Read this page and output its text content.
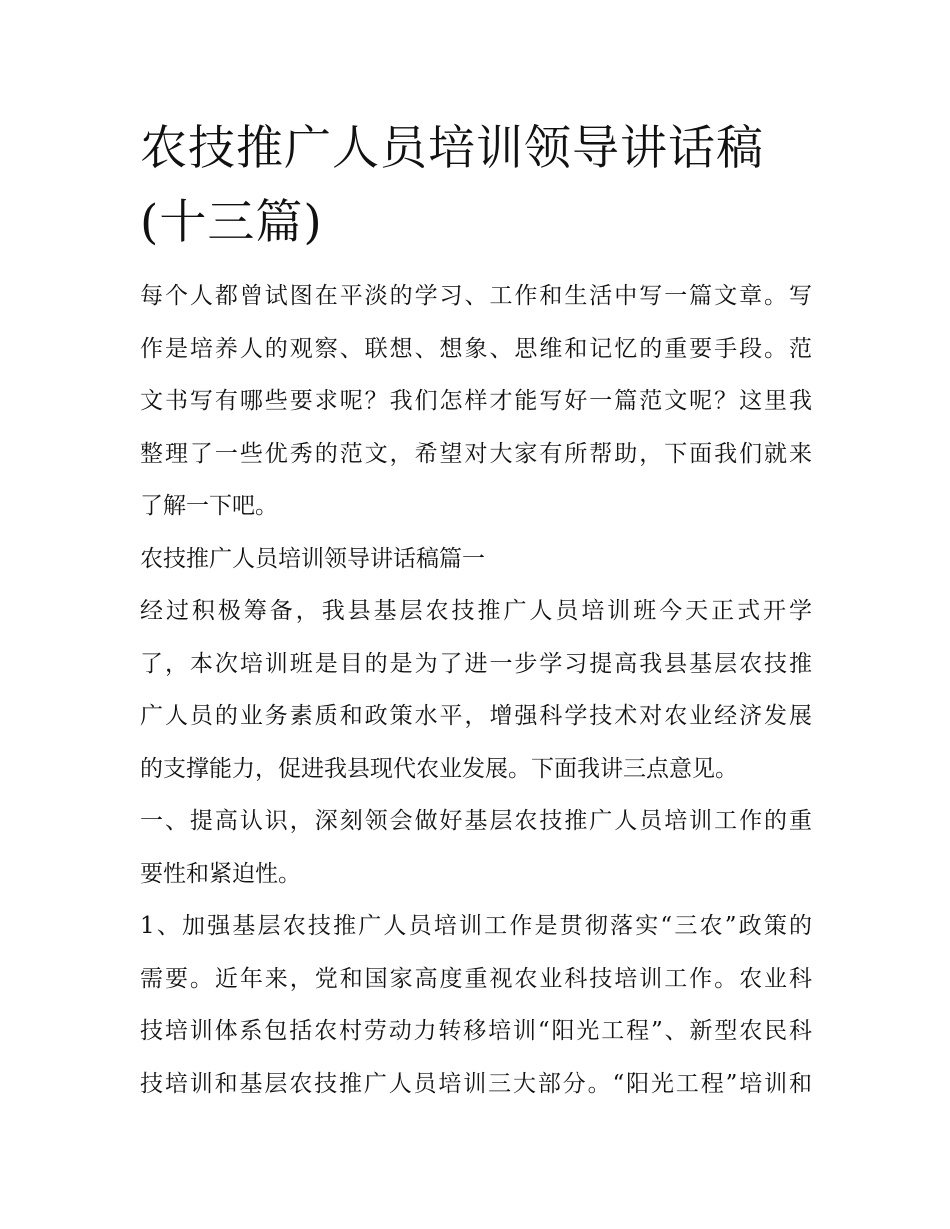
农技推广人员培训领导讲话稿
(十三篇)
每个人都曾试图在平淡的学习、工作和生活中写一篇文章。写
作是培养人的观察、联想、想象、思维和记忆的重要手段。范
文书写有哪些要求呢？我们怎样才能写好一篇范文呢？这里我
整理了一些优秀的范文，希望对大家有所帮助，下面我们就来
了解一下吧。
农技推广人员培训领导讲话稿篇一
经过积极筹备，我县基层农技推广人员培训班今天正式开学
了，本次培训班是目的是为了进一步学习提高我县基层农技推
广人员的业务素质和政策水平，增强科学技术对农业经济发展
的支撑能力，促进我县现代农业发展。下面我讲三点意见。
一、提高认识，深刻领会做好基层农技推广人员培训工作的重
要性和紧迫性。
1、加强基层农技推广人员培训工作是贯彻落实“三农”政策的
需要。近年来，党和国家高度重视农业科技培训工作。农业科
技培训体系包括农村劳动力转移培训“阳光工程”、新型农民科
技培训和基层农技推广人员培训三大部分。“阳光工程”培训和
